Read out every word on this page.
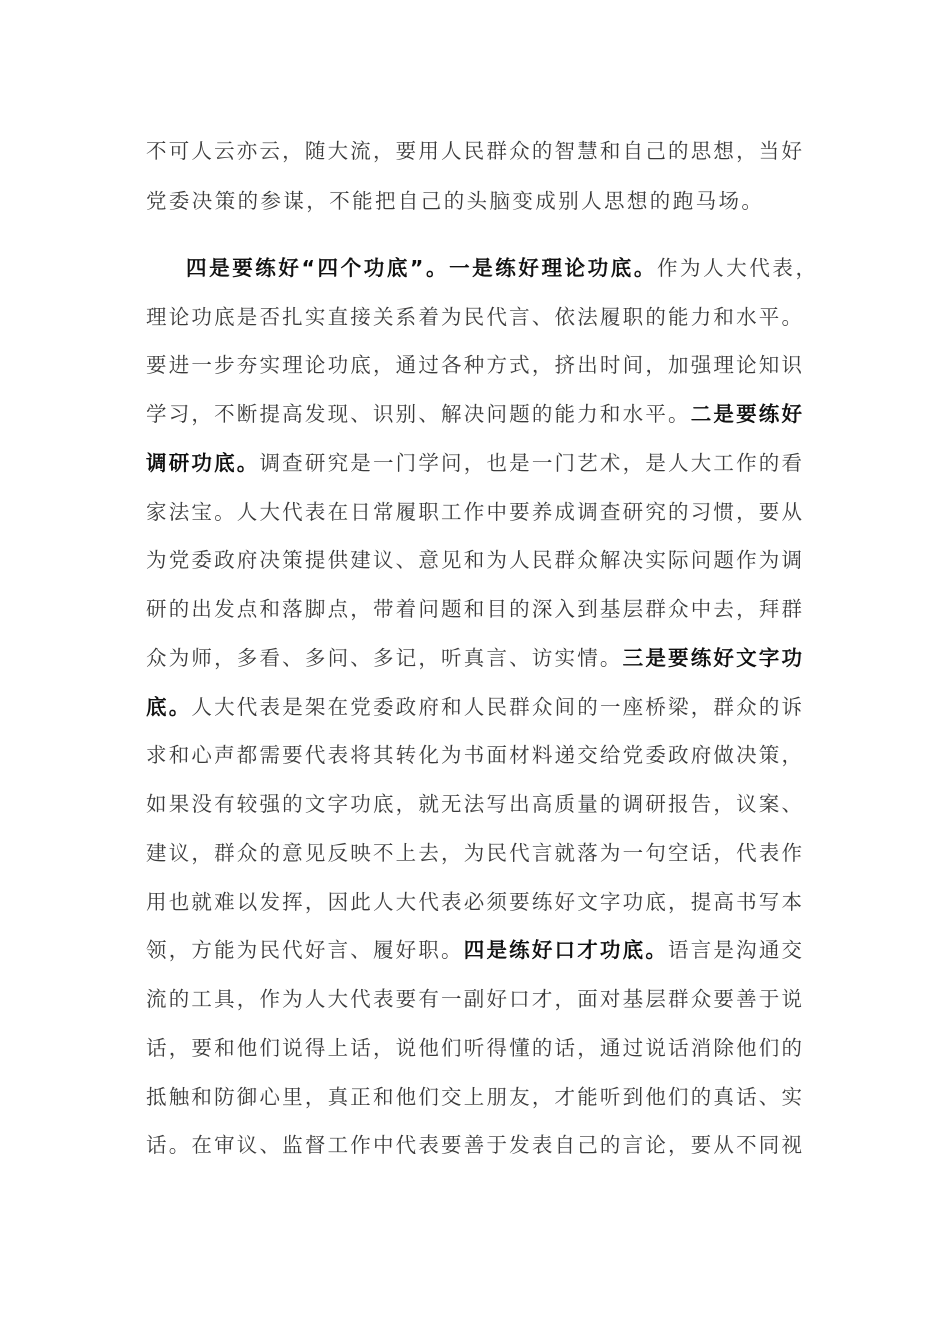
不可人云亦云，随大流，要用人民群众的智慧和自己的思想，当好
党委决策的参谋，不能把自己的头脑变成别人思想的跑马场。
四是要练好“四个功底”。一是练好理论功底。作为人大代表，
理论功底是否扎实直接关系着为民代言、依法履职的能力和水平。
要进一步夯实理论功底，通过各种方式，挤出时间，加强理论知识
学习，不断提高发现、识别、解决问题的能力和水平。二是要练好
调研功底。调查研究是一门学问，也是一门艺术，是人大工作的看
家法宝。人大代表在日常履职工作中要养成调查研究的习惯，要从
为党委政府决策提供建议、意见和为人民群众解决实际问题作为调
研的出发点和落脚点，带着问题和目的深入到基层群众中去，拜群
众为师，多看、多问、多记，听真言、访实情。三是要练好文字功
底。人大代表是架在党委政府和人民群众间的一座桥梁，群众的诉
求和心声都需要代表将其转化为书面材料递交给党委政府做决策，
如果没有较强的文字功底，就无法写出高质量的调研报告，议案、
建议，群众的意见反映不上去，为民代言就落为一句空话，代表作
用也就难以发挥，因此人大代表必须要练好文字功底，提高书写本
领，方能为民代好言、履好职。四是练好口才功底。语言是沟通交
流的工具，作为人大代表要有一副好口才，面对基层群众要善于说
话，要和他们说得上话，说他们听得懂的话，通过说话消除他们的
抵触和防御心里，真正和他们交上朋友，才能听到他们的真话、实
话。在审议、监督工作中代表要善于发表自己的言论，要从不同视
